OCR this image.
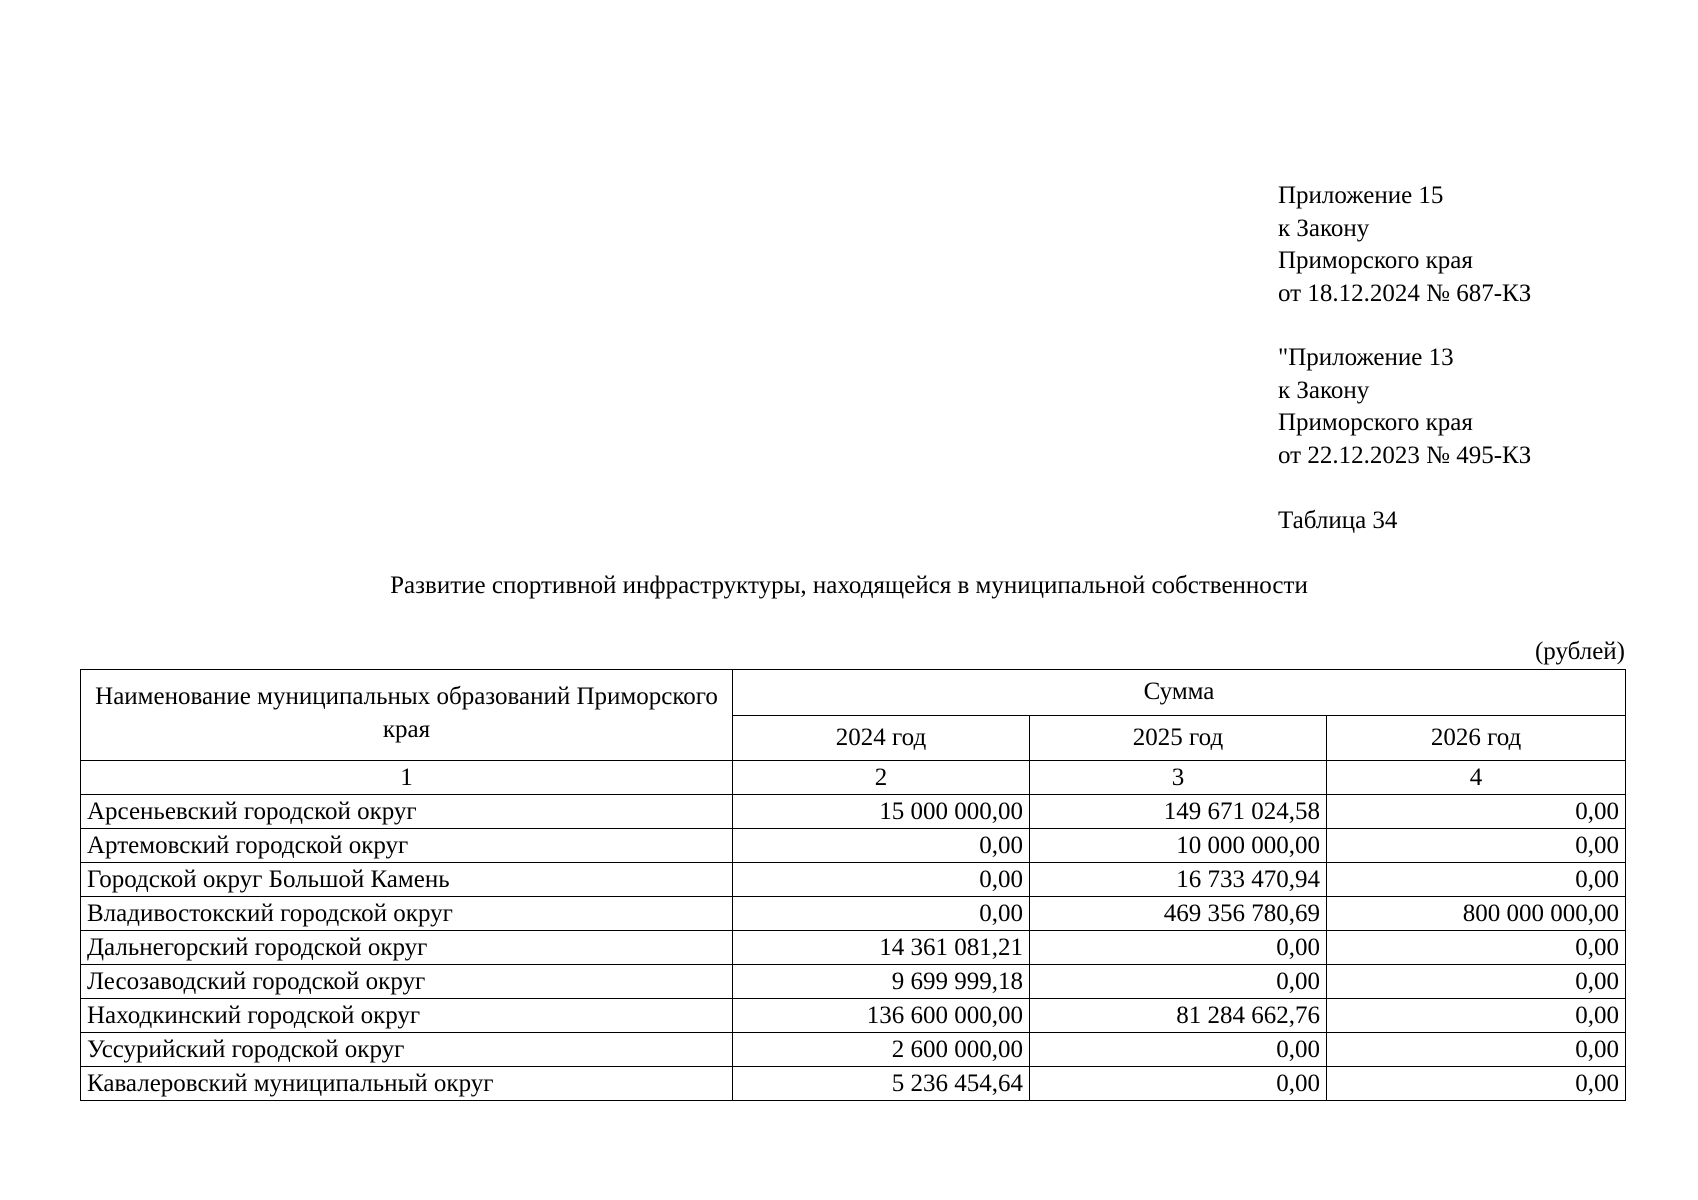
Приложение 15
к Закону
Приморского края
от 18.12.2024 № 687-КЗ
"Приложение 13
к Закону
Приморского края
от 22.12.2023 № 495-КЗ
Таблица 34
Развитие спортивной инфраструктуры, находящейся в муниципальной собственности
(рублей)
Наименование муниципальных образований Приморского края	Сумма		
	2024 год	2025 год	2026 год
1	2	3	4
Арсеньевский городской округ	15 000 000,00	149 671 024,58	0,00
Артемовский городской округ	0,00	10 000 000,00	0,00
Городской округ Большой Камень	0,00	16 733 470,94	0,00
Владивостокский городской округ	0,00	469 356 780,69	800 000 000,00
Дальнегорский городской округ	14 361 081,21	0,00	0,00
Лесозаводский городской округ	9 699 999,18	0,00	0,00
Находкинский городской округ	136 600 000,00	81 284 662,76	0,00
Уссурийский городской округ	2 600 000,00	0,00	0,00
Кавалеровский муниципальный округ	5 236 454,64	0,00	0,00
